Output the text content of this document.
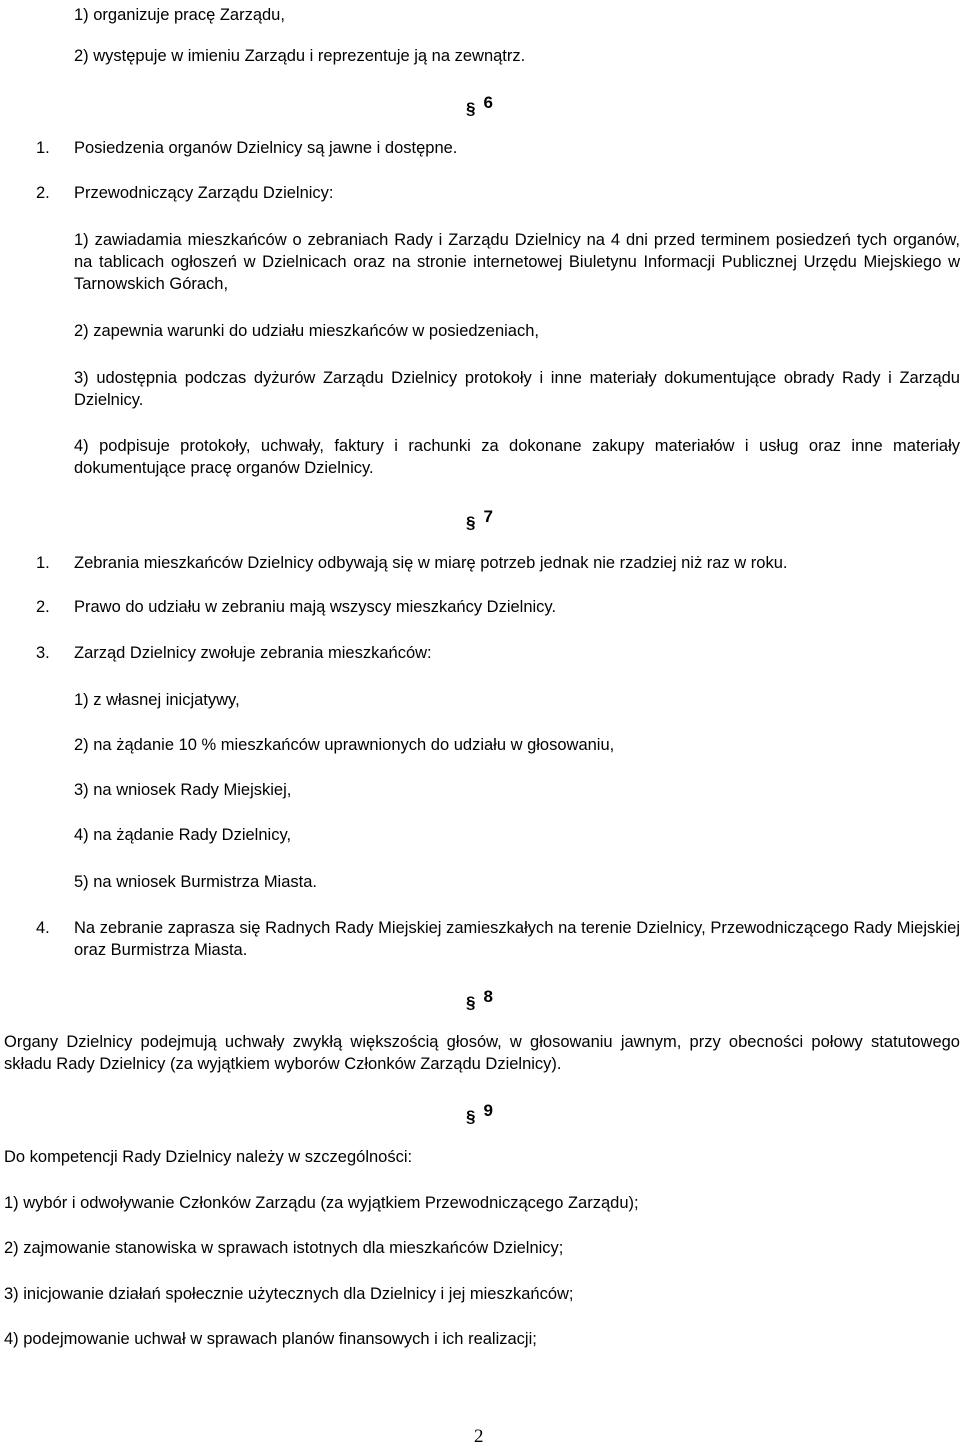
1) organizuje pracę Zarządu,
2) występuje w imieniu Zarządu i reprezentuje ją na zewnątrz.
§ 6
1. Posiedzenia organów Dzielnicy są jawne i dostępne.
2. Przewodniczący Zarządu Dzielnicy:
1) zawiadamia mieszkańców o zebraniach Rady i Zarządu Dzielnicy na 4 dni przed terminem posiedzeń tych organów, na tablicach ogłoszeń w Dzielnicach oraz na stronie internetowej Biuletynu Informacji Publicznej Urzędu Miejskiego w Tarnowskich Górach,
2) zapewnia warunki do udziału mieszkańców w posiedzeniach,
3) udostępnia podczas dyżurów Zarządu Dzielnicy protokoły i inne materiały dokumentujące obrady Rady i Zarządu Dzielnicy.
4) podpisuje protokoły, uchwały, faktury i rachunki za dokonane zakupy materiałów i usług oraz inne materiały dokumentujące pracę organów Dzielnicy.
§ 7
1. Zebrania mieszkańców Dzielnicy odbywają się w miarę potrzeb jednak nie rzadziej niż raz w roku.
2. Prawo do udziału w zebraniu mają wszyscy mieszkańcy Dzielnicy.
3. Zarząd Dzielnicy zwołuje zebrania mieszkańców:
1) z własnej inicjatywy,
2) na żądanie 10 % mieszkańców uprawnionych do udziału w głosowaniu,
3) na wniosek Rady Miejskiej,
4) na żądanie Rady Dzielnicy,
5) na wniosek Burmistrza Miasta.
4. Na zebranie zaprasza się Radnych Rady Miejskiej zamieszkałych na terenie Dzielnicy, Przewodniczącego Rady Miejskiej oraz Burmistrza Miasta.
§ 8
Organy Dzielnicy podejmują uchwały zwykłą większością głosów, w głosowaniu jawnym, przy obecności połowy statutowego składu Rady Dzielnicy (za wyjątkiem wyborów Członków Zarządu Dzielnicy).
§ 9
Do kompetencji Rady Dzielnicy należy w szczególności:
1) wybór i odwoływanie Członków Zarządu (za wyjątkiem Przewodniczącego Zarządu);
2) zajmowanie stanowiska w sprawach istotnych dla mieszkańców Dzielnicy;
3) inicjowanie działań społecznie użytecznych dla Dzielnicy i jej mieszkańców;
4) podejmowanie uchwał w sprawach planów finansowych i ich realizacji;
2
